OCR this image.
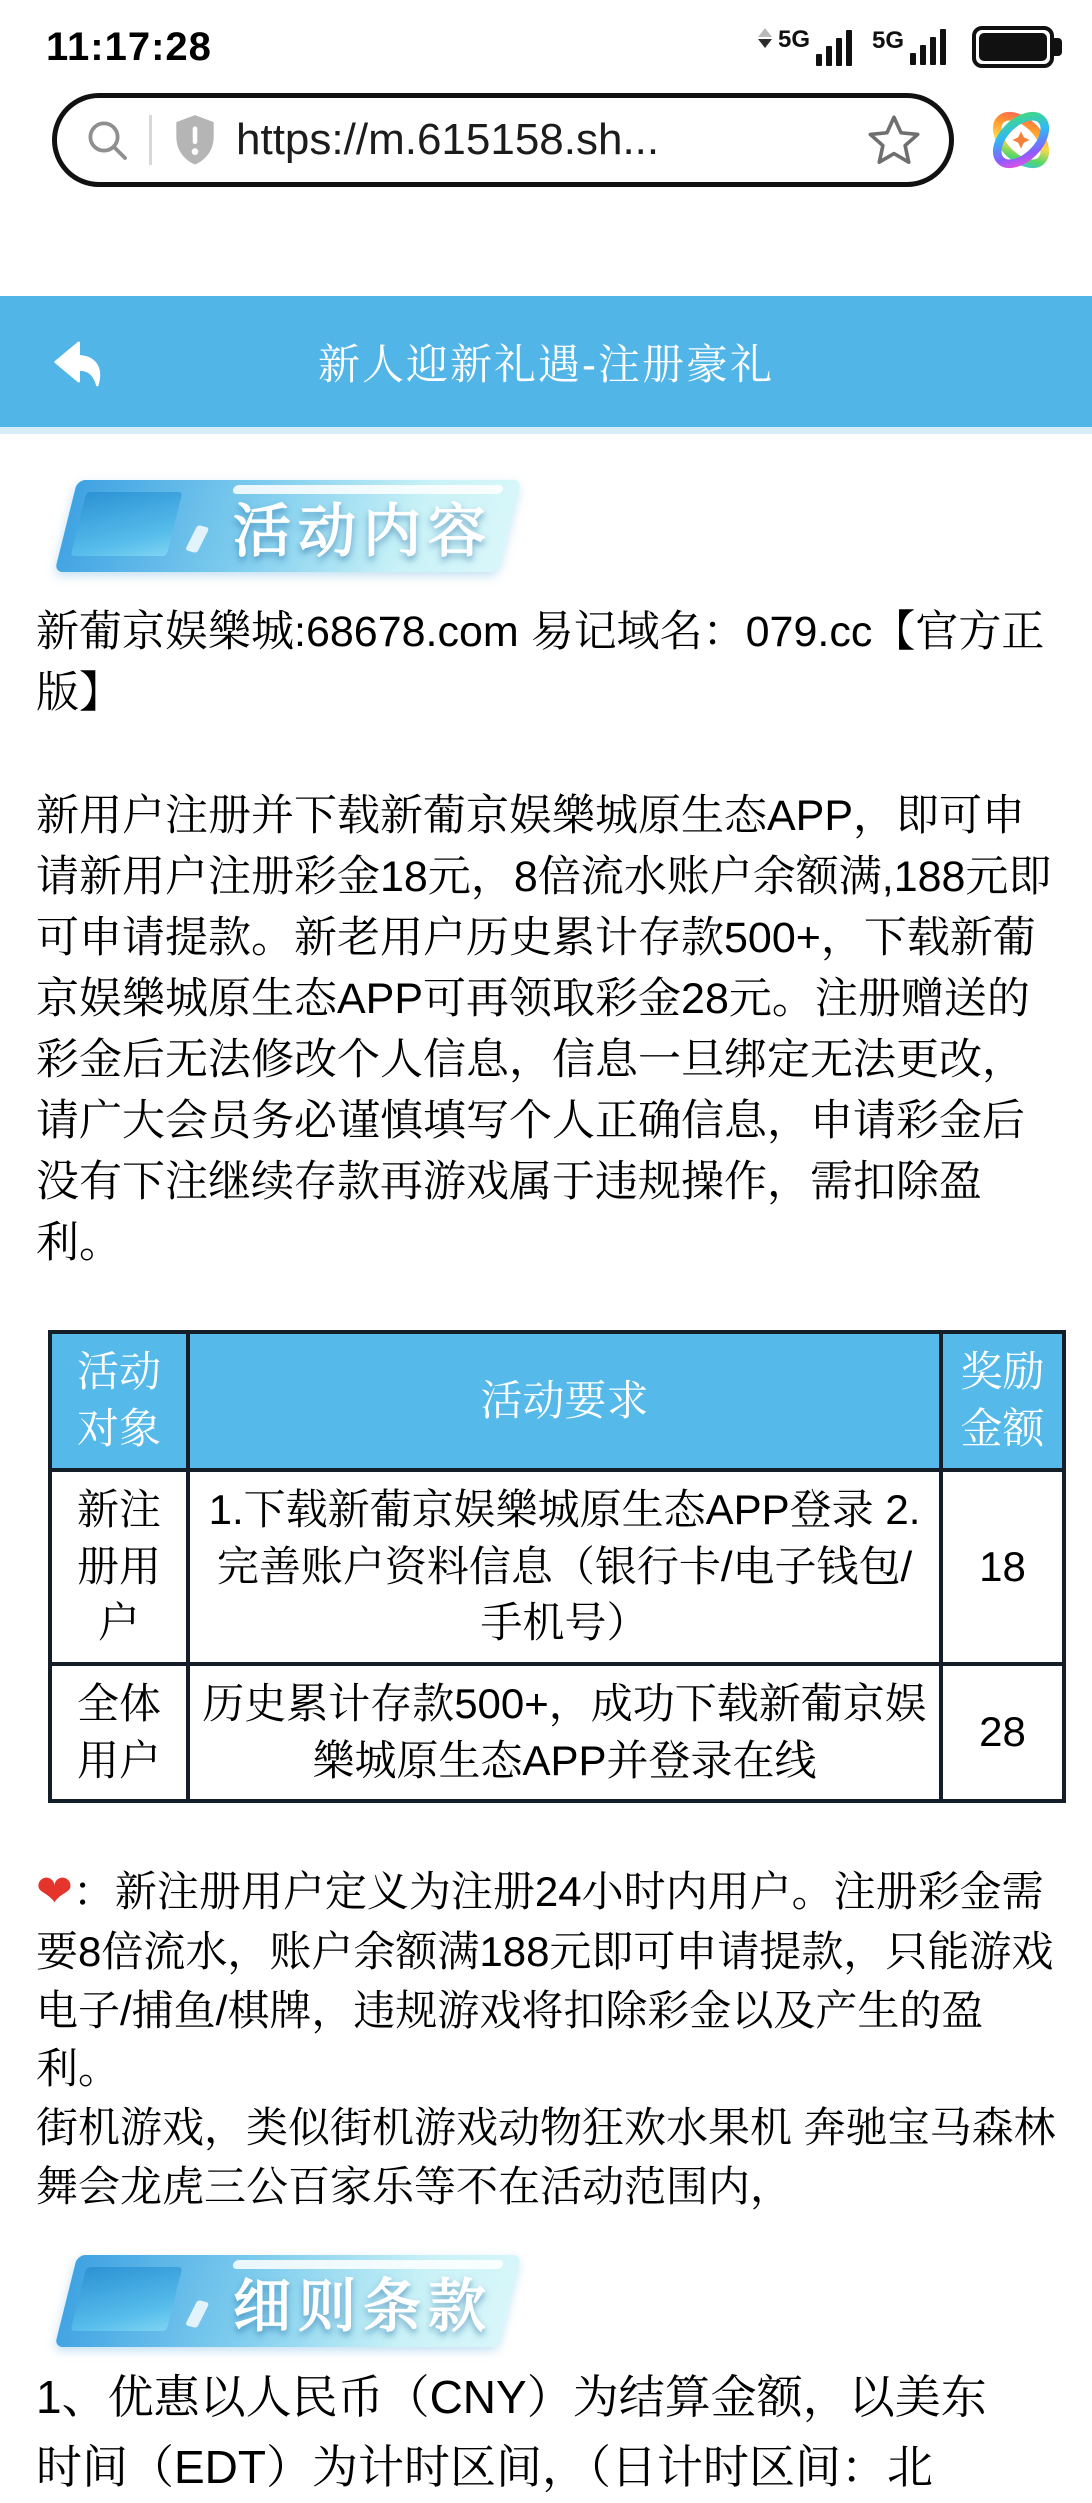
11:17:28	5G	5G
https://m.615158.sh...
新人迎新礼遇-注册豪礼
活动内容

新葡京娱樂城:68678.com 易记域名：079.cc【官方正版】

新用户注册并下载新葡京娱樂城原生态APP，即可申请新用户注册彩金18元，8倍流水账户余额满,188元即可申请提款。新老用户历史累计存款500+，下载新葡京娱樂城原生态APP可再领取彩金28元。注册赠送的彩金后无法修改个人信息，信息一旦绑定无法更改，请广大会员务必谨慎填写个人正确信息，申请彩金后没有下注继续存款再游戏属于违规操作，需扣除盈利。

活动对象	活动要求	奖励金额
新注册用户	1.下载新葡京娱樂城原生态APP登录 2.完善账户资料信息（银行卡/电子钱包/手机号）	18
全体用户	历史累计存款500+，成功下载新葡京娱樂城原生态APP并登录在线	28

❤：新注册用户定义为注册24小时内用户。注册彩金需要8倍流水，账户余额满188元即可申请提款，只能游戏电子/捕鱼/棋牌，违规游戏将扣除彩金以及产生的盈利。

街机游戏，类似街机游戏动物狂欢水果机 奔驰宝马森林舞会龙虎三公百家乐等不在活动范围内，

细则条款
1、优惠以人民币（CNY）为结算金额，以美东
时间（EDT）为计时区间，（日计时区间：北
